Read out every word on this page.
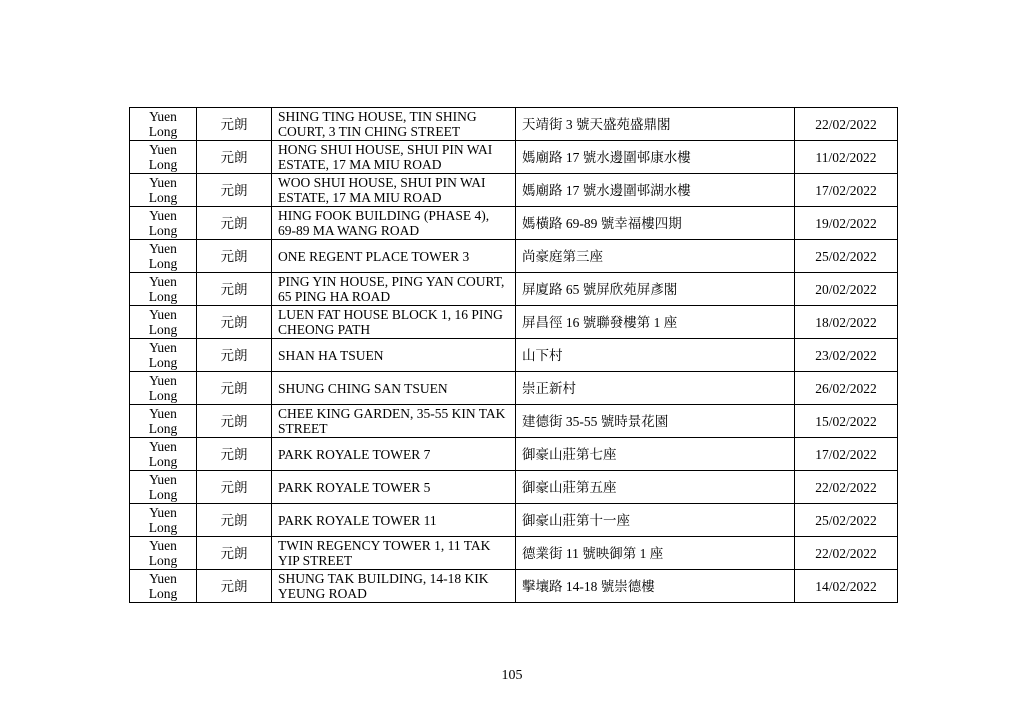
Yuen Long	元朗	SHING TING HOUSE, TIN SHING COURT, 3 TIN CHING STREET	天靖街 3 號天盛苑盛鼎閣	22/02/2022
Yuen Long	元朗	HONG SHUI HOUSE, SHUI PIN WAI ESTATE, 17 MA MIU ROAD	媽廟路 17 號水邊圍邨康水樓	11/02/2022
Yuen Long	元朗	WOO SHUI HOUSE, SHUI PIN WAI ESTATE, 17 MA MIU ROAD	媽廟路 17 號水邊圍邨湖水樓	17/02/2022
Yuen Long	元朗	HING FOOK BUILDING (PHASE 4), 69-89 MA WANG ROAD	媽橫路 69-89 號幸福樓四期	19/02/2022
Yuen Long	元朗	ONE REGENT PLACE TOWER 3	尚豪庭第三座	25/02/2022
Yuen Long	元朗	PING YIN HOUSE, PING YAN COURT, 65 PING HA ROAD	屏廈路 65 號屏欣苑屏彥閣	20/02/2022
Yuen Long	元朗	LUEN FAT HOUSE BLOCK 1, 16 PING CHEONG PATH	屏昌徑 16 號聯發樓第 1 座	18/02/2022
Yuen Long	元朗	SHAN HA TSUEN	山下村	23/02/2022
Yuen Long	元朗	SHUNG CHING SAN TSUEN	崇正新村	26/02/2022
Yuen Long	元朗	CHEE KING GARDEN, 35-55 KIN TAK STREET	建德街 35-55 號時景花園	15/02/2022
Yuen Long	元朗	PARK ROYALE TOWER 7	御豪山莊第七座	17/02/2022
Yuen Long	元朗	PARK ROYALE TOWER 5	御豪山莊第五座	22/02/2022
Yuen Long	元朗	PARK ROYALE TOWER 11	御豪山莊第十一座	25/02/2022
Yuen Long	元朗	TWIN REGENCY TOWER 1, 11 TAK YIP STREET	德業街 11 號映御第 1 座	22/02/2022
Yuen Long	元朗	SHUNG TAK BUILDING, 14-18 KIK YEUNG ROAD	擊壤路 14-18 號崇德樓	14/02/2022
105
